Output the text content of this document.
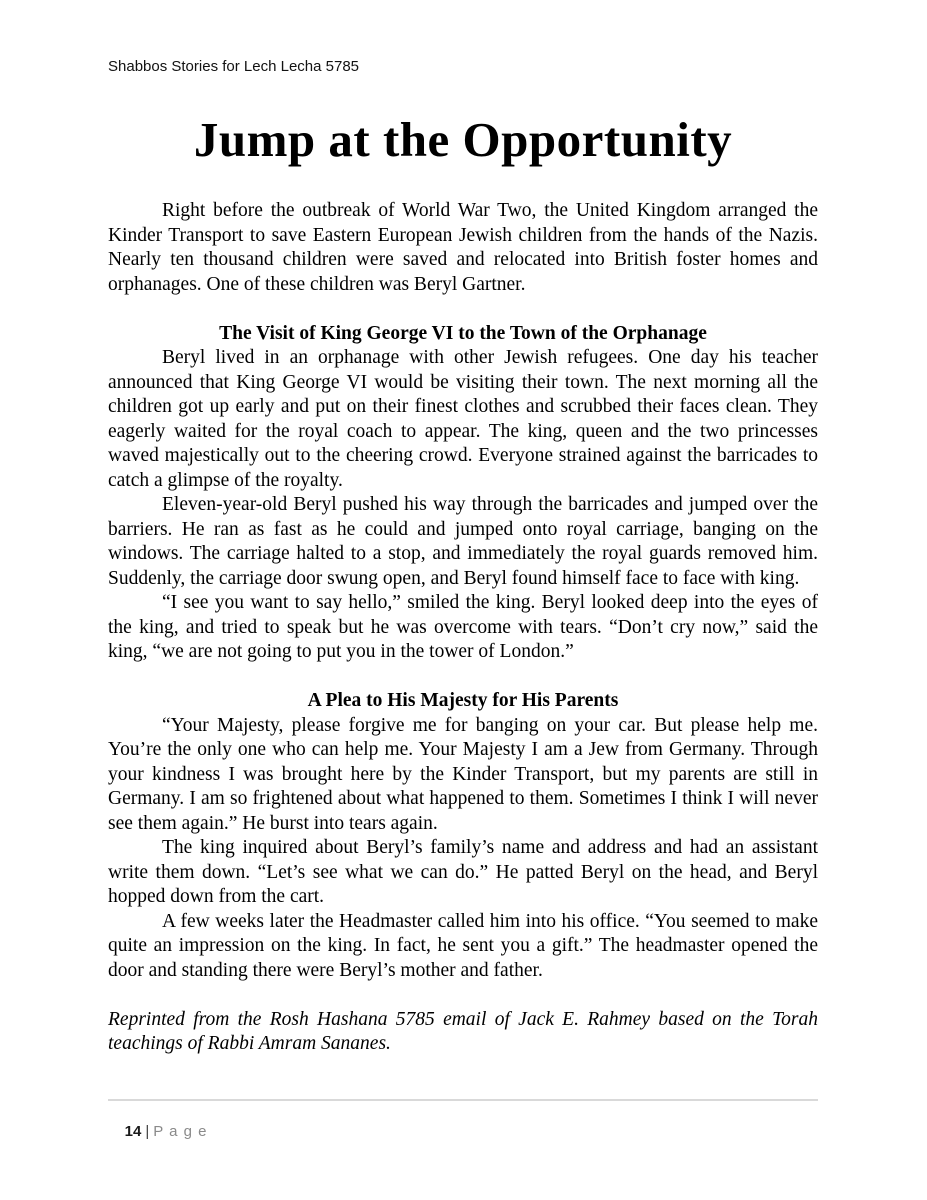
Shabbos Stories for Lech Lecha 5785
Jump at the Opportunity

Right before the outbreak of World War Two, the United Kingdom arranged the Kinder Transport to save Eastern European Jewish children from the hands of the Nazis. Nearly ten thousand children were saved and relocated into British foster homes and orphanages. One of these children was Beryl Gartner.

The Visit of King George VI to the Town of the Orphanage

Beryl lived in an orphanage with other Jewish refugees. One day his teacher announced that King George VI would be visiting their town. The next morning all the children got up early and put on their finest clothes and scrubbed their faces clean. They eagerly waited for the royal coach to appear. The king, queen and the two princesses waved majestically out to the cheering crowd. Everyone strained against the barricades to catch a glimpse of the royalty.

Eleven-year-old Beryl pushed his way through the barricades and jumped over the barriers. He ran as fast as he could and jumped onto royal carriage, banging on the windows. The carriage halted to a stop, and immediately the royal guards removed him. Suddenly, the carriage door swung open, and Beryl found himself face to face with king.

“I see you want to say hello,” smiled the king. Beryl looked deep into the eyes of the king, and tried to speak but he was overcome with tears. “Don’t cry now,” said the king, “we are not going to put you in the tower of London.”

A Plea to His Majesty for His Parents

“Your Majesty, please forgive me for banging on your car. But please help me. You’re the only one who can help me. Your Majesty I am a Jew from Germany. Through your kindness I was brought here by the Kinder Transport, but my parents are still in Germany. I am so frightened about what happened to them. Sometimes I think I will never see them again.” He burst into tears again.

The king inquired about Beryl’s family’s name and address and had an assistant write them down. “Let’s see what we can do.” He patted Beryl on the head, and Beryl hopped down from the cart.

A few weeks later the Headmaster called him into his office. “You seemed to make quite an impression on the king. In fact, he sent you a gift.” The headmaster opened the door and standing there were Beryl’s mother and father.

Reprinted from the Rosh Hashana 5785 email of Jack E. Rahmey based on the Torah teachings of Rabbi Amram Sananes.

14 | P a g e
